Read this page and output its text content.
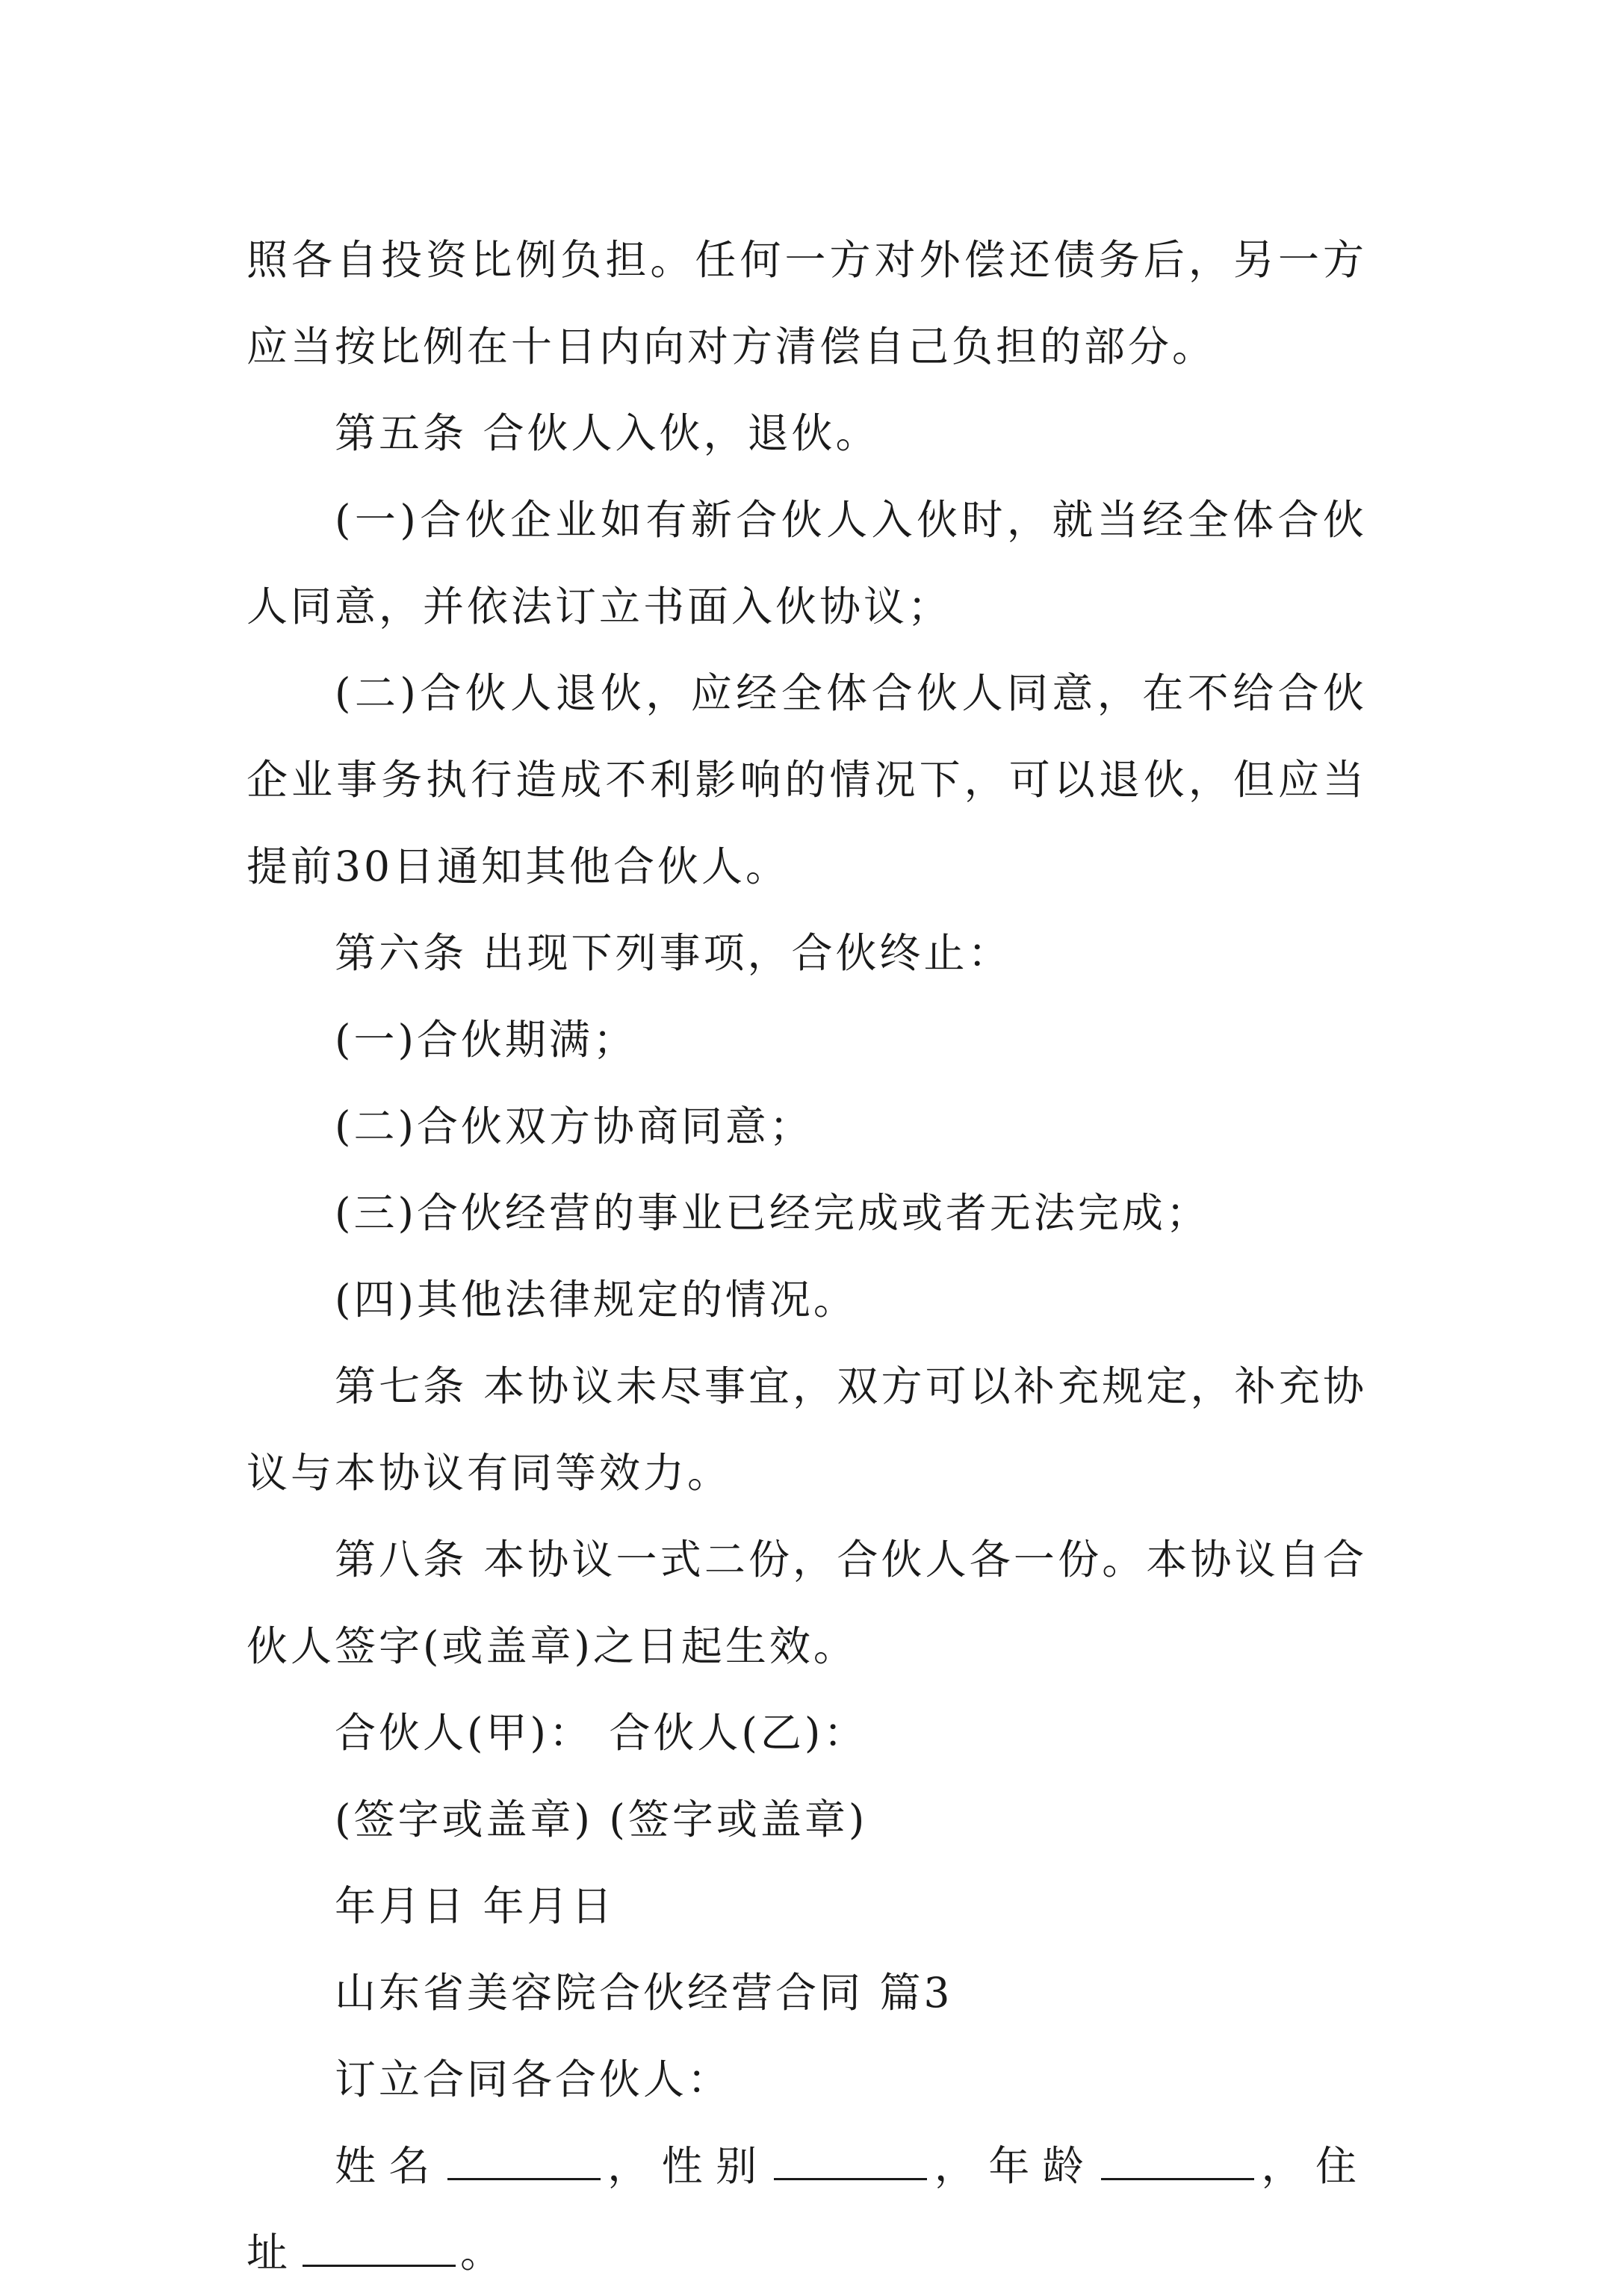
照各自投资比例负担。任何一方对外偿还债务后，另一方应当按比例在十日内向对方清偿自己负担的部分。

第五条 合伙人入伙，退伙。

(一)合伙企业如有新合伙人入伙时，就当经全体合伙人同意，并依法订立书面入伙协议；

(二)合伙人退伙，应经全体合伙人同意，在不给合伙企业事务执行造成不利影响的情况下，可以退伙，但应当提前30日通知其他合伙人。

第六条 出现下列事项，合伙终止：

(一)合伙期满；

(二)合伙双方协商同意；

(三)合伙经营的事业已经完成或者无法完成；

(四)其他法律规定的情况。

第七条 本协议未尽事宜，双方可以补充规定，补充协议与本协议有同等效力。

第八条 本协议一式二份，合伙人各一份。本协议自合伙人签字(或盖章)之日起生效。

合伙人(甲)： 合伙人(乙)：

(签字或盖章) (签字或盖章)

年月日 年月日

山东省美容院合伙经营合同 篇3

订立合同各合伙人：

姓名	，性别	，年龄	，住址	。
